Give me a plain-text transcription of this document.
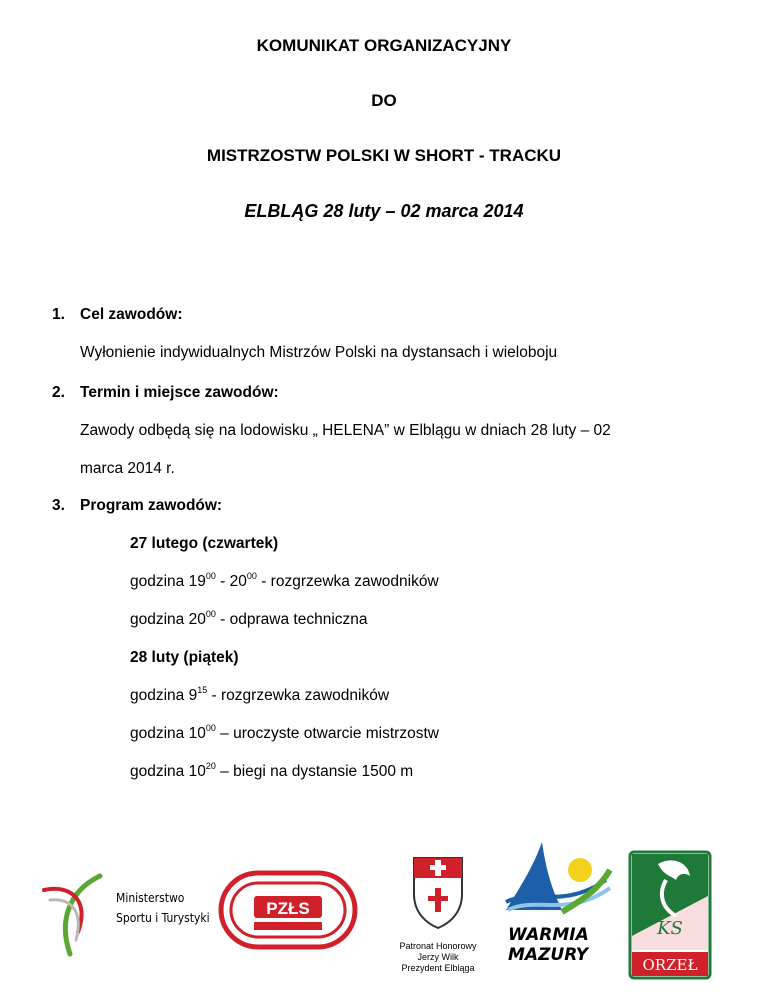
KOMUNIKAT ORGANIZACYJNY
DO
MISTRZOSTW POLSKI W SHORT - TRACKU
ELBLĄG 28 luty – 02 marca 2014
1. Cel zawodów:
Wyłonienie indywidualnych Mistrzów Polski na dystansach i wieloboju
2. Termin i miejsce zawodów:
Zawody odbędą się na lodowisku „ HELENA” w Elblągu w dniach 28 luty – 02
marca 2014 r.
3. Program zawodów:
27 lutego (czwartek)
godzina $19^{00} - 20^{00}$ - rozgrzewka zawodników
godzina $20^{00}$ - odprawa techniczna
28 luty (piątek)
godzina $9^{15}$ - rozgrzewka zawodników
godzina $10^{00}$ – uroczyste otwarcie mistrzostw
godzina $10^{20}$ – biegi na dystansie 1500 m
Ministerstwo
Sportu i Turystyki	PZŁS
Patronat Honorowy
Jerzy Wilk
Prezydent Elbląga
WARMIA
MAZURY
KS
ORZEŁ
